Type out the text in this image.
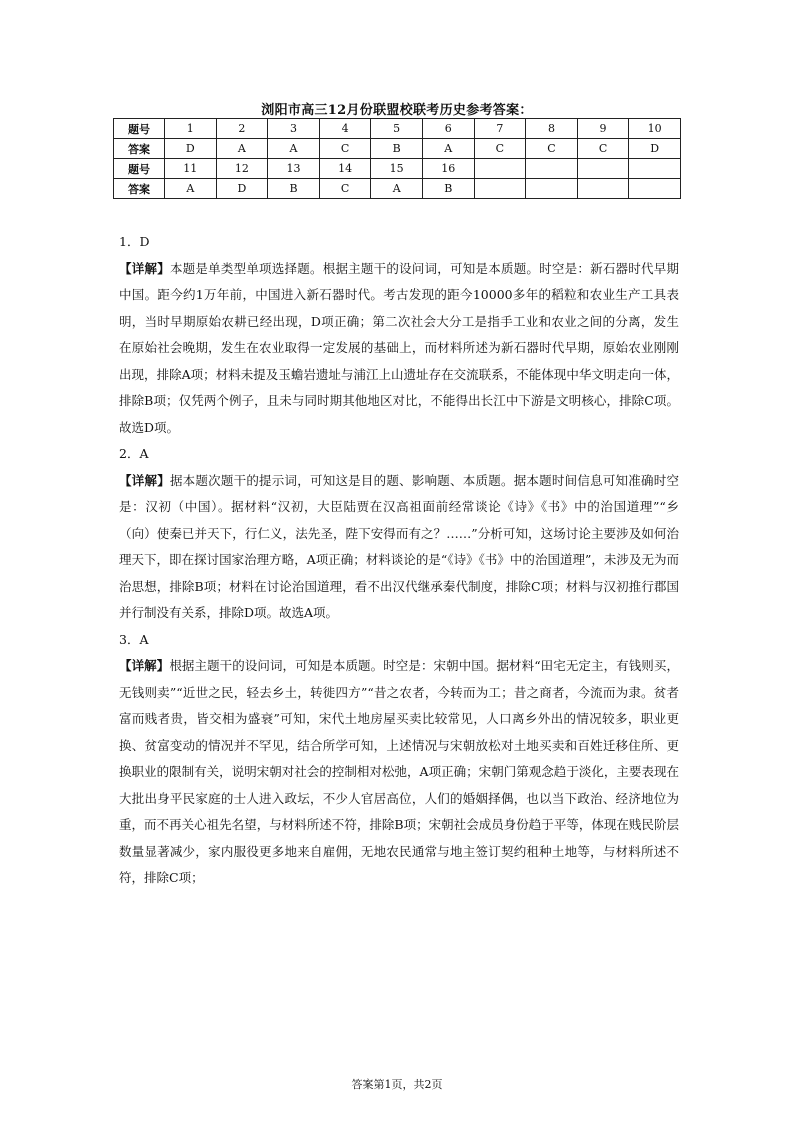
浏阳市高三12月份联盟校联考历史参考答案：
题号	1	2	3	4	5	6	7	8	9	10
答案	D	A	A	C	B	A	C	C	C	D
题号	11	12	13	14	15	16				
答案	A	D	B	C	A	B				

1．D

【详解】本题是单类型单项选择题。根据主题干的设问词，可知是本质题。时空是：新石器时代早期中国。距今约1万年前，中国进入新石器时代。考古发现的距今10000多年的稻粒和农业生产工具表明，当时早期原始农耕已经出现，D项正确；第二次社会大分工是指手工业和农业之间的分离，发生在原始社会晚期，发生在农业取得一定发展的基础上，而材料所述为新石器时代早期，原始农业刚刚出现，排除A项；材料未提及玉蟾岩遗址与浦江上山遗址存在交流联系，不能体现中华文明走向一体，排除B项；仅凭两个例子，且未与同时期其他地区对比，不能得出长江中下游是文明核心，排除C项。故选D项。

2．A

【详解】据本题次题干的提示词，可知这是目的题、影响题、本质题。据本题时间信息可知准确时空是：汉初（中国）。据材料“汉初，大臣陆贾在汉高祖面前经常谈论《诗》《书》中的治国道理”“乡（向）使秦已并天下，行仁义，法先圣，陛下安得而有之？……”分析可知，这场讨论主要涉及如何治理天下，即在探讨国家治理方略，A项正确；材料谈论的是“《诗》《书》中的治国道理”，未涉及无为而治思想，排除B项；材料在讨论治国道理，看不出汉代继承秦代制度，排除C项；材料与汉初推行郡国并行制没有关系，排除D项。故选A项。

3．A

【详解】根据主题干的设问词，可知是本质题。时空是：宋朝中国。据材料“田宅无定主，有钱则买，无钱则卖”“近世之民，轻去乡土，转徙四方”“昔之农者，今转而为工；昔之商者，今流而为隶。贫者富而贱者贵，皆交相为盛衰”可知，宋代土地房屋买卖比较常见，人口离乡外出的情况较多，职业更换、贫富变动的情况并不罕见，结合所学可知，上述情况与宋朝放松对土地买卖和百姓迁移住所、更换职业的限制有关，说明宋朝对社会的控制相对松弛，A项正确；宋朝门第观念趋于淡化，主要表现在大批出身平民家庭的士人进入政坛，不少人官居高位，人们的婚姻择偶，也以当下政治、经济地位为重，而不再关心祖先名望，与材料所述不符，排除B项；宋朝社会成员身份趋于平等，体现在贱民阶层数量显著减少，家内服役更多地来自雇佣，无地农民通常与地主签订契约租种土地等，与材料所述不符，排除C项；

答案第1页，共2页
